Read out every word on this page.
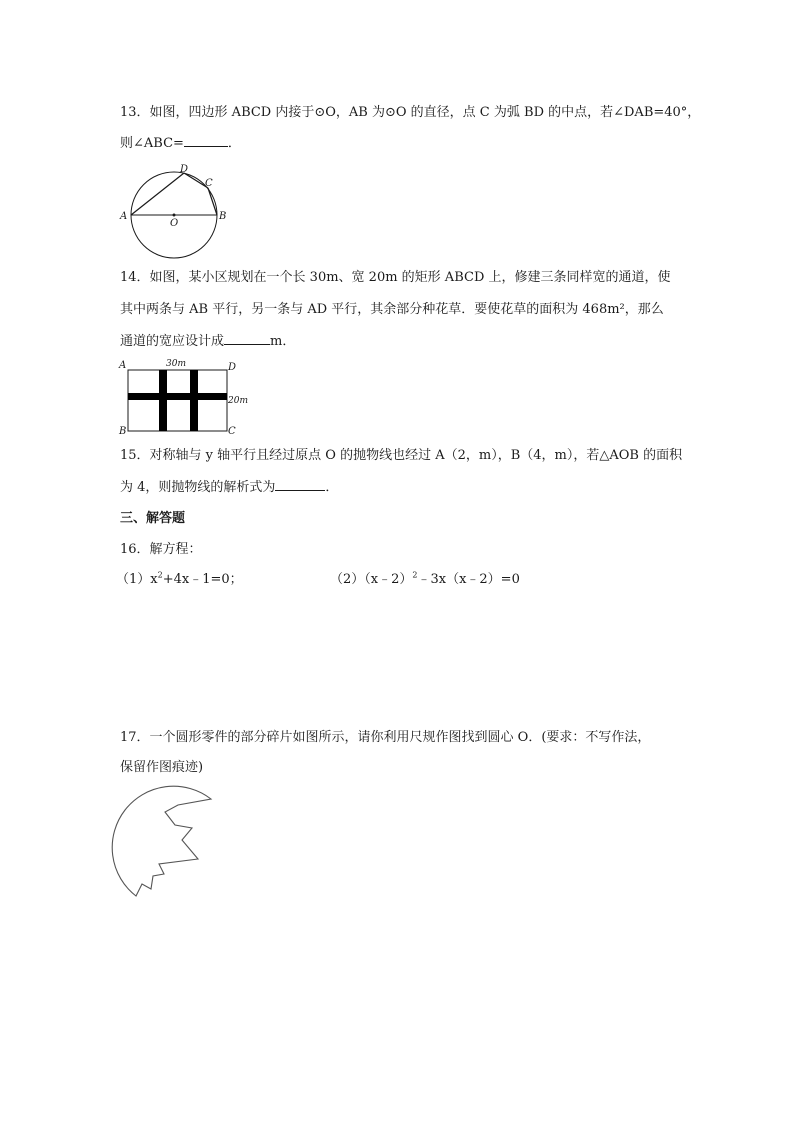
13．如图，四边形 ABCD 内接于⊙O，AB 为⊙O 的直径，点 C 为弧 BD 的中点，若∠DAB=40°，
则∠ABC=	．
A	B
C
D
O
14．如图，某小区规划在一个长 30m、宽 20m 的矩形 ABCD 上，修建三条同样宽的通道，使
其中两条与 AB 平行，另一条与 AD 平行，其余部分种花草．要使花草的面积为 468m²，那么
通道的宽应设计成	m．
A
B	C
D
30m
20m
15．对称轴与 y 轴平行且经过原点 O 的抛物线也经过 A（2，m），B（4，m），若△AOB 的面积
为 4，则抛物线的解析式为	．
三、解答题
16．解方程：
$(1)x^2+4x﹣1=0$；	（2）（x﹣2）$^2$﹣3x（x﹣2）=0
17．一个圆形零件的部分碎片如图所示，请你利用尺规作图找到圆心 O．(要求：不写作法，
保留作图痕迹)
